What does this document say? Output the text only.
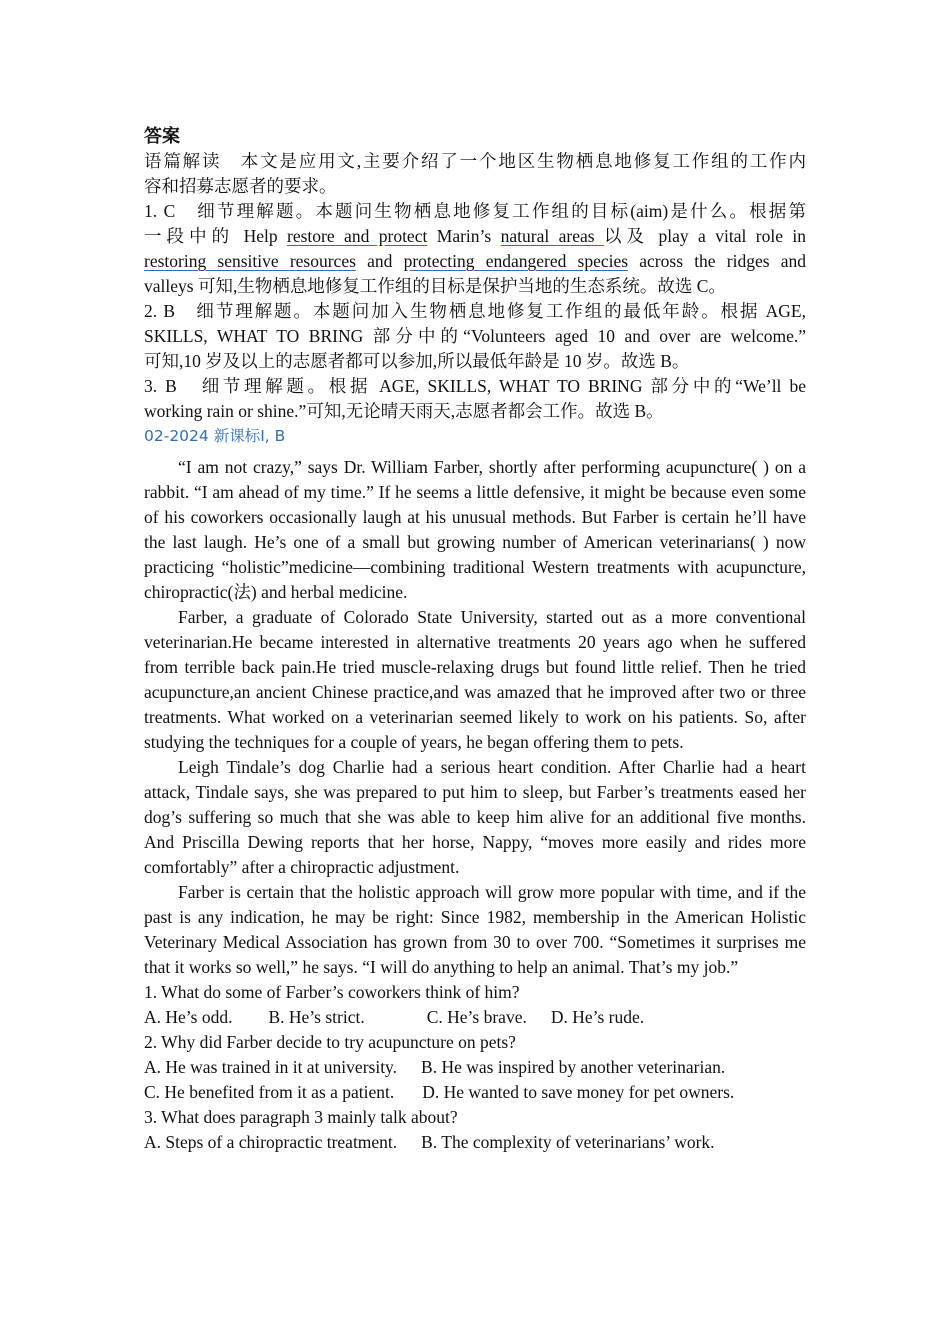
答案
语篇解读　本文是应用文,主要介绍了一个地区生物栖息地修复工作组的工作内
容和招募志愿者的要求。
1. C　细节理解题。本题问生物栖息地修复工作组的目标(aim)是什么。根据第
一段中的 Help restore and protect Marin’s natural areas 以及 play a vital role in
restoring sensitive resources and protecting endangered species across the ridges and
valleys 可知,生物栖息地修复工作组的目标是保护当地的生态系统。故选 C。
2. B　细节理解题。本题问加入生物栖息地修复工作组的最低年龄。根据 AGE,
SKILLS, WHAT TO BRING 部分中的“Volunteers aged 10 and over are welcome.”
可知,10 岁及以上的志愿者都可以参加,所以最低年龄是 10 岁。故选 B。
3. B　细节理解题。根据 AGE, SKILLS, WHAT TO BRING 部分中的“We’ll be
working rain or shine.”可知,无论晴天雨天,志愿者都会工作。故选 B。
02-2024 新课标Ⅰ, B

“I am not crazy,” says Dr. William Farber, shortly after performing acupuncture( ) on a rabbit. “I am ahead of my time.” If he seems a little defensive, it might be because even some of his coworkers occasionally laugh at his unusual methods. But Farber is certain he’ll have the last laugh. He’s one of a small but growing number of American veterinarians( ) now practicing “holistic”medicine—combining traditional Western treatments with acupuncture, chiropractic(法) and herbal medicine.

Farber, a graduate of Colorado State University, started out as a more conventional veterinarian.He became interested in alternative treatments 20 years ago when he suffered from terrible back pain.He tried muscle-relaxing drugs but found little relief. Then he tried acupuncture,an ancient Chinese practice,and was amazed that he improved after two or three treatments. What worked on a veterinarian seemed likely to work on his patients. So, after studying the techniques for a couple of years, he began offering them to pets.

Leigh Tindale’s dog Charlie had a serious heart condition. After Charlie had a heart attack, Tindale says, she was prepared to put him to sleep, but Farber’s treatments eased her dog’s suffering so much that she was able to keep him alive for an additional five months. And Priscilla Dewing reports that her horse, Nappy, “moves more easily and rides more comfortably” after a chiropractic adjustment.

Farber is certain that the holistic approach will grow more popular with time, and if the past is any indication, he may be right: Since 1982, membership in the American Holistic Veterinary Medical Association has grown from 30 to over 700. “Sometimes it surprises me that it works so well,” he says. “I will do anything to help an animal. That’s my job.”

1. What do some of Farber’s coworkers think of him?
A. He’s odd. B. He’s strict.	C. He’s brave. D. He’s rude.
2. Why did Farber decide to try acupuncture on pets?
A. He was trained in it at university. B. He was inspired by another veterinarian.
C. He benefited from it as a patient. D. He wanted to save money for pet owners.
3. What does paragraph 3 mainly talk about?
A. Steps of a chiropractic treatment. B. The complexity of veterinarians’ work.
